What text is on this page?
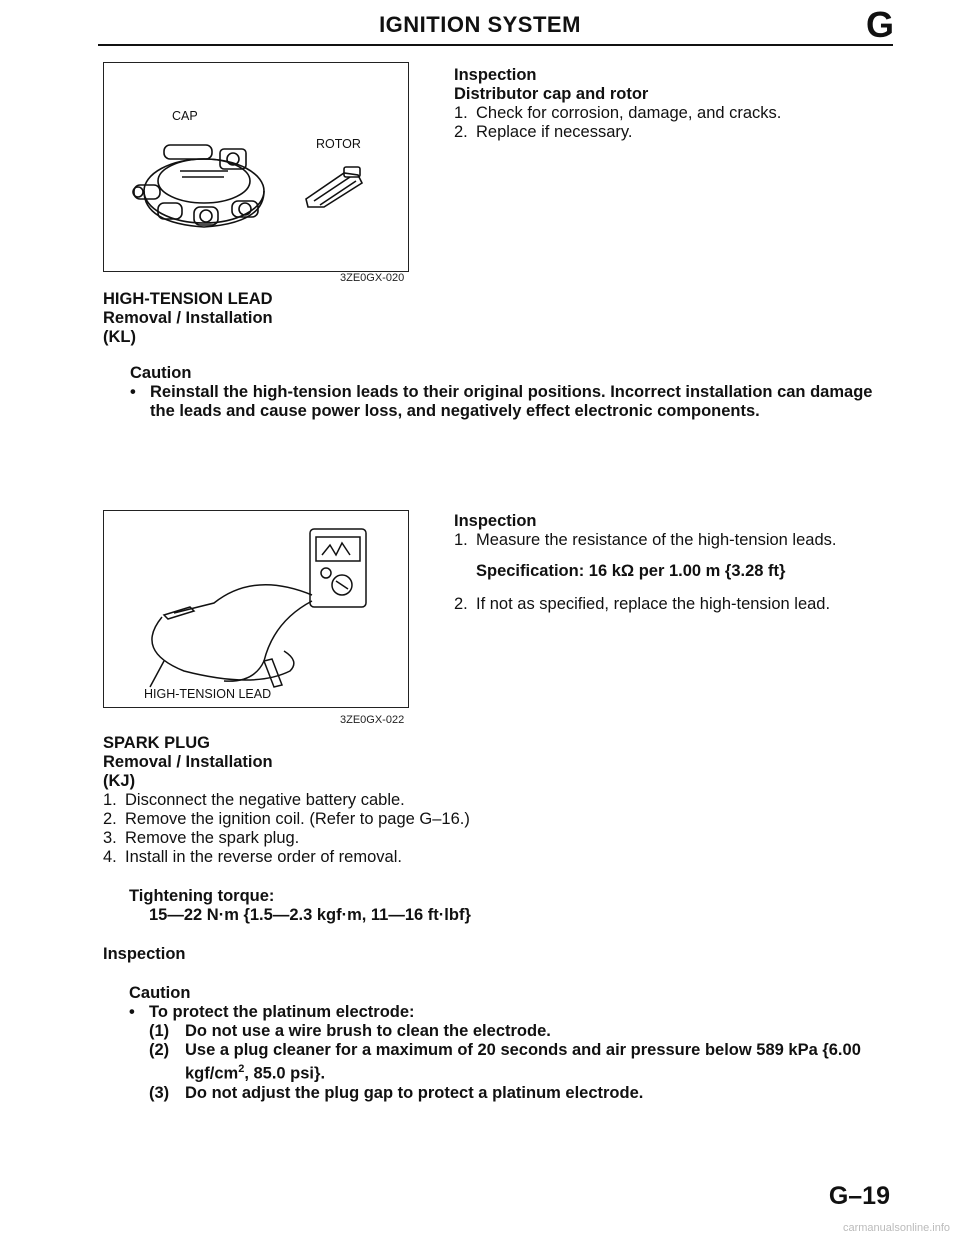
IGNITION SYSTEM	G
CAP
ROTOR
3ZE0GX-020
Inspection
Distributor cap and rotor
1. Check for corrosion, damage, and cracks.
2. Replace if necessary.
HIGH-TENSION LEAD
Removal / Installation
(KL)
Caution
• Reinstall the high-tension leads to their original positions. Incorrect installation can damage
the leads and cause power loss, and negatively effect electronic components.
HIGH-TENSION LEAD
3ZE0GX-022
Inspection
1. Measure the resistance of the high-tension leads.
Specification: 16 kΩ per 1.00 m {3.28 ft}
2. If not as specified, replace the high-tension lead.
SPARK PLUG
Removal / Installation
(KJ)
1. Disconnect the negative battery cable.
2. Remove the ignition coil. (Refer to page G–16.)
3. Remove the spark plug.
4. Install in the reverse order of removal.
Tightening torque:
15—22 N·m {1.5—2.3 kgf·m, 11—16 ft·lbf}
Inspection
Caution
• To protect the platinum electrode:
(1) Do not use a wire brush to clean the electrode.
(2) Use a plug cleaner for a maximum of 20 seconds and air pressure below 589 kPa {6.00
kgf/$cm^2$, 85.0 psi}.
(3) Do not adjust the plug gap to protect a platinum electrode.
G–19
carmanualsonline.info
